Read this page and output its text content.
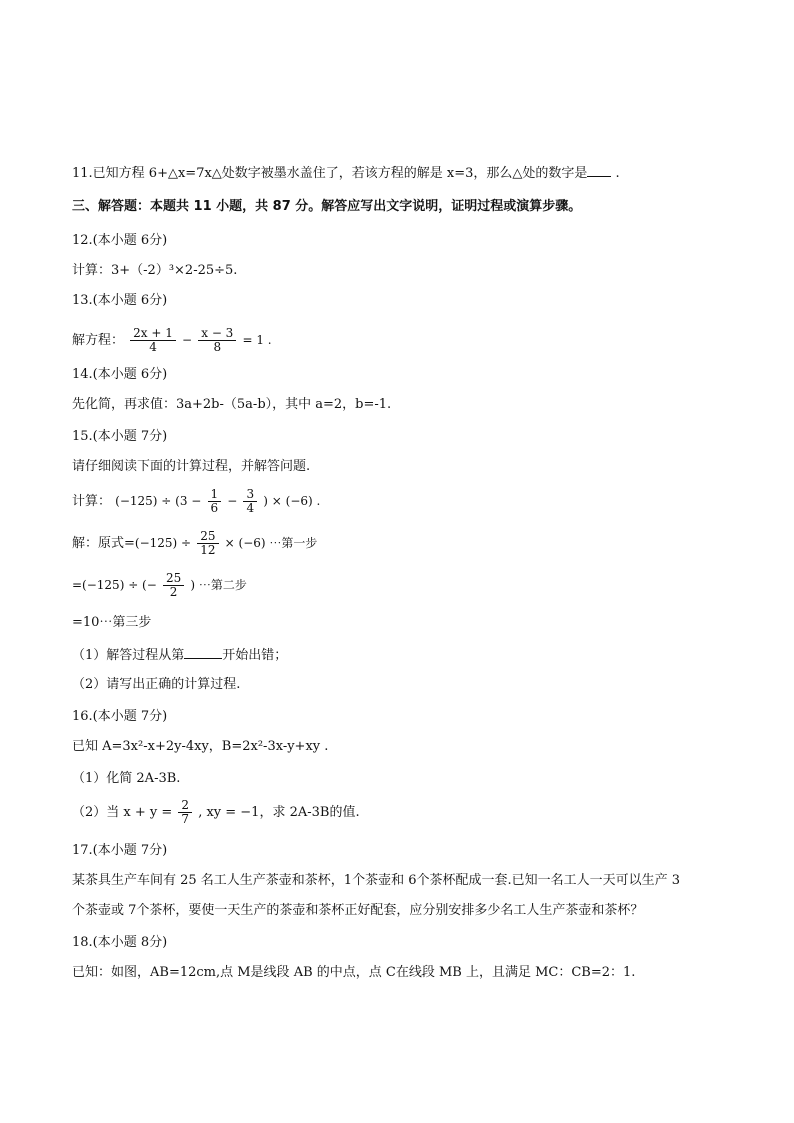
11.已知方程 6+△x=7x△处数字被墨水盖住了，若该方程的解是 x=3，那么△处的数字是 .
三、解答题：本题共 11 小题，共 87 分。解答应写出文字说明，证明过程或演算步骤。
12.(本小题 6分)
计算：3+（-2）³×2-25÷5.
13.(本小题 6分)
解方程： $\frac{2x + 1}{4} - \frac{x - 3}{8} = 1$ .
14.(本小题 6分)
先化简，再求值：3a+2b-（5a-b），其中 a=2，b=-1.
15.(本小题 7分)
请仔细阅读下面的计算过程，并解答问题.
计算： $(-125) \div (3 - \frac{1}{6} - \frac{3}{4}$ ) × (−6) .
解：原式$=(-125) \div \frac{25}{12} \times (-6)$ ⋯第一步
=(−125) ÷ (− $\frac{25}{2}$ ) ⋯第二步
=10⋯第三步
（1）解答过程从第	开始出错；
（2）请写出正确的计算过程.
16.(本小题 7分)
已知 A=3x²-x+2y-4xy，B=2x²-3x-y+xy .
（1）化简 2A-3B.
（2）当 $x + y = \frac{2}{7}$ , xy = −1，求 2A-3B的值.
17.(本小题 7分)
某茶具生产车间有 25 名工人生产茶壶和茶杯，1个茶壶和 6个茶杯配成一套.已知一名工人一天可以生产 3
个茶壶或 7个茶杯，要使一天生产的茶壶和茶杯正好配套，应分别安排多少名工人生产茶壶和茶杯？
18.(本小题 8分)
已知：如图，AB=12cm,点 M是线段 AB 的中点，点 C在线段 MB 上，且满足 MC：CB=2：1.
